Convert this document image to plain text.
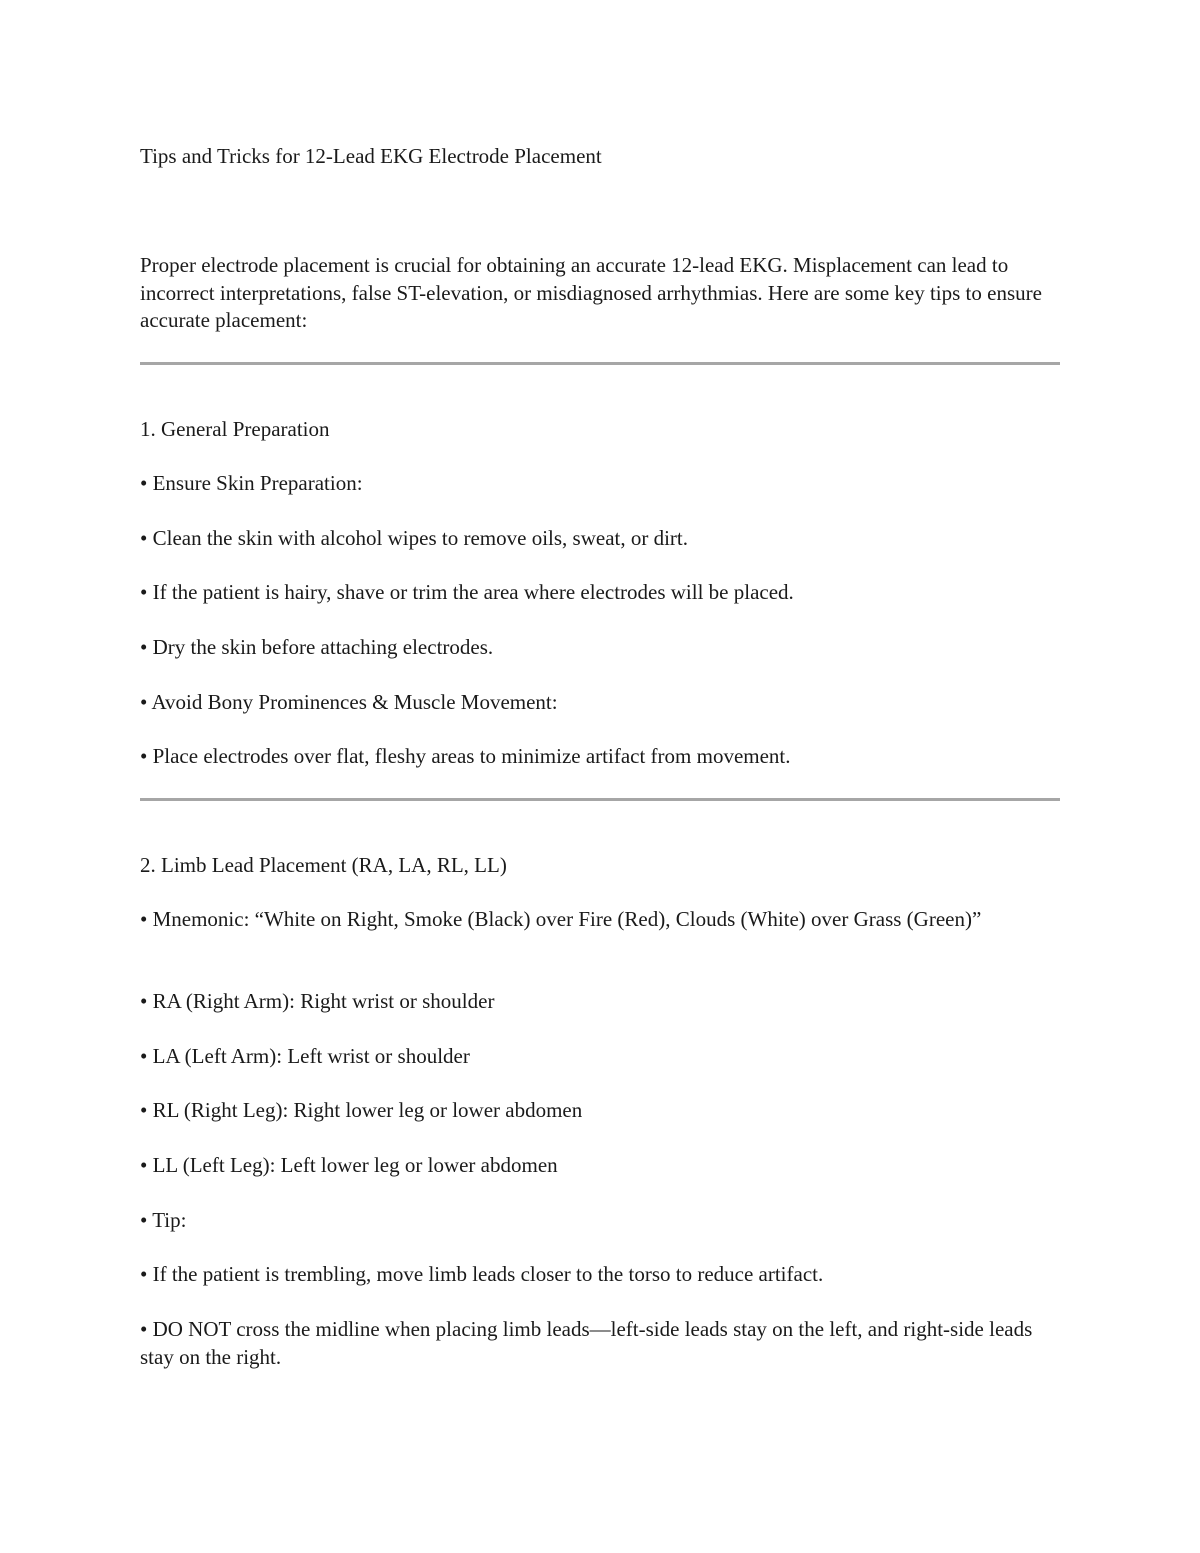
Tips and Tricks for 12-Lead EKG Electrode Placement
Proper electrode placement is crucial for obtaining an accurate 12-lead EKG. Misplacement can lead to incorrect interpretations, false ST-elevation, or misdiagnosed arrhythmias. Here are some key tips to ensure accurate placement:
1. General Preparation
• Ensure Skin Preparation:
• Clean the skin with alcohol wipes to remove oils, sweat, or dirt.
• If the patient is hairy, shave or trim the area where electrodes will be placed.
• Dry the skin before attaching electrodes.
• Avoid Bony Prominences & Muscle Movement:
• Place electrodes over flat, fleshy areas to minimize artifact from movement.
2. Limb Lead Placement (RA, LA, RL, LL)
• Mnemonic: “White on Right, Smoke (Black) over Fire (Red), Clouds (White) over Grass (Green)”
• RA (Right Arm): Right wrist or shoulder
• LA (Left Arm): Left wrist or shoulder
• RL (Right Leg): Right lower leg or lower abdomen
• LL (Left Leg): Left lower leg or lower abdomen
• Tip:
• If the patient is trembling, move limb leads closer to the torso to reduce artifact.
• DO NOT cross the midline when placing limb leads—left-side leads stay on the left, and right-side leads stay on the right.
